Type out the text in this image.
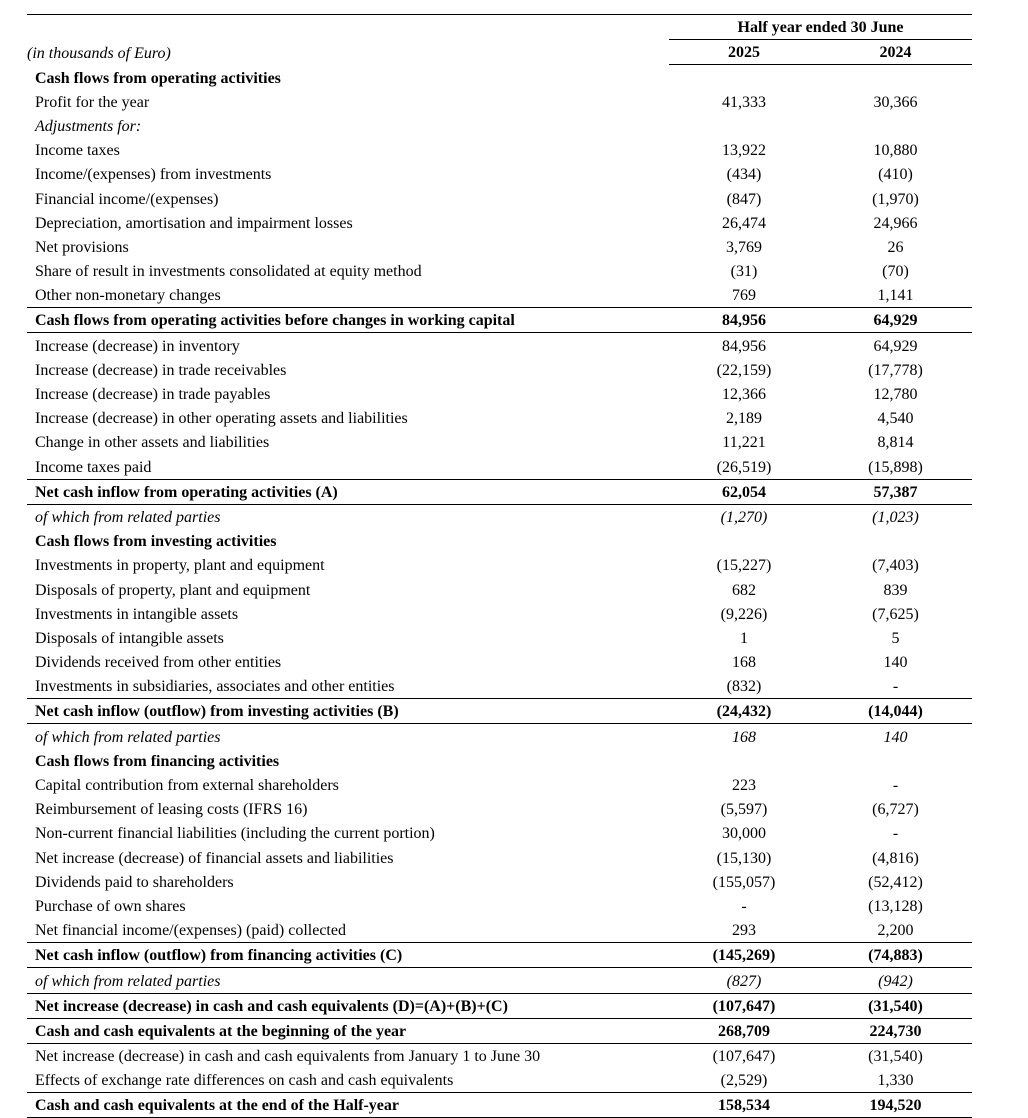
(in thousands of Euro)	Half year ended 30 June	
	2025	2024
Cash flows from operating activities		
Profit for the year	41,333	30,366
Adjustments for:		
Income taxes	13,922	10,880
Income/(expenses) from investments	(434)	(410)
Financial income/(expenses)	(847)	(1,970)
Depreciation, amortisation and impairment losses	26,474	24,966
Net provisions	3,769	26
Share of result in investments consolidated at equity method	(31)	(70)
Other non-monetary changes	769	1,141
Cash flows from operating activities before changes in working capital	84,956	64,929
Increase (decrease) in inventory	84,956	64,929
Increase (decrease) in trade receivables	(22,159)	(17,778)
Increase (decrease) in trade payables	12,366	12,780
Increase (decrease) in other operating assets and liabilities	2,189	4,540
Change in other assets and liabilities	11,221	8,814
Income taxes paid	(26,519)	(15,898)
Net cash inflow from operating activities (A)	62,054	57,387
of which from related parties	(1,270)	(1,023)
Cash flows from investing activities		
Investments in property, plant and equipment	(15,227)	(7,403)
Disposals of property, plant and equipment	682	839
Investments in intangible assets	(9,226)	(7,625)
Disposals of intangible assets	1	5
Dividends received from other entities	168	140
Investments in subsidiaries, associates and other entities	(832)	-
Net cash inflow (outflow) from investing activities (B)	(24,432)	(14,044)
of which from related parties	168	140
Cash flows from financing activities		
Capital contribution from external shareholders	223	-
Reimbursement of leasing costs (IFRS 16)	(5,597)	(6,727)
Non-current financial liabilities (including the current portion)	30,000	-
Net increase (decrease) of financial assets and liabilities	(15,130)	(4,816)
Dividends paid to shareholders	(155,057)	(52,412)
Purchase of own shares	-	(13,128)
Net financial income/(expenses) (paid) collected	293	2,200
Net cash inflow (outflow) from financing activities (C)	(145,269)	(74,883)
of which from related parties	(827)	(942)
Net increase (decrease) in cash and cash equivalents (D)=(A)+(B)+(C)	(107,647)	(31,540)
Cash and cash equivalents at the beginning of the year	268,709	224,730
Net increase (decrease) in cash and cash equivalents from January 1 to June 30	(107,647)	(31,540)
Effects of exchange rate differences on cash and cash equivalents	(2,529)	1,330
Cash and cash equivalents at the end of the Half-year	158,534	194,520
